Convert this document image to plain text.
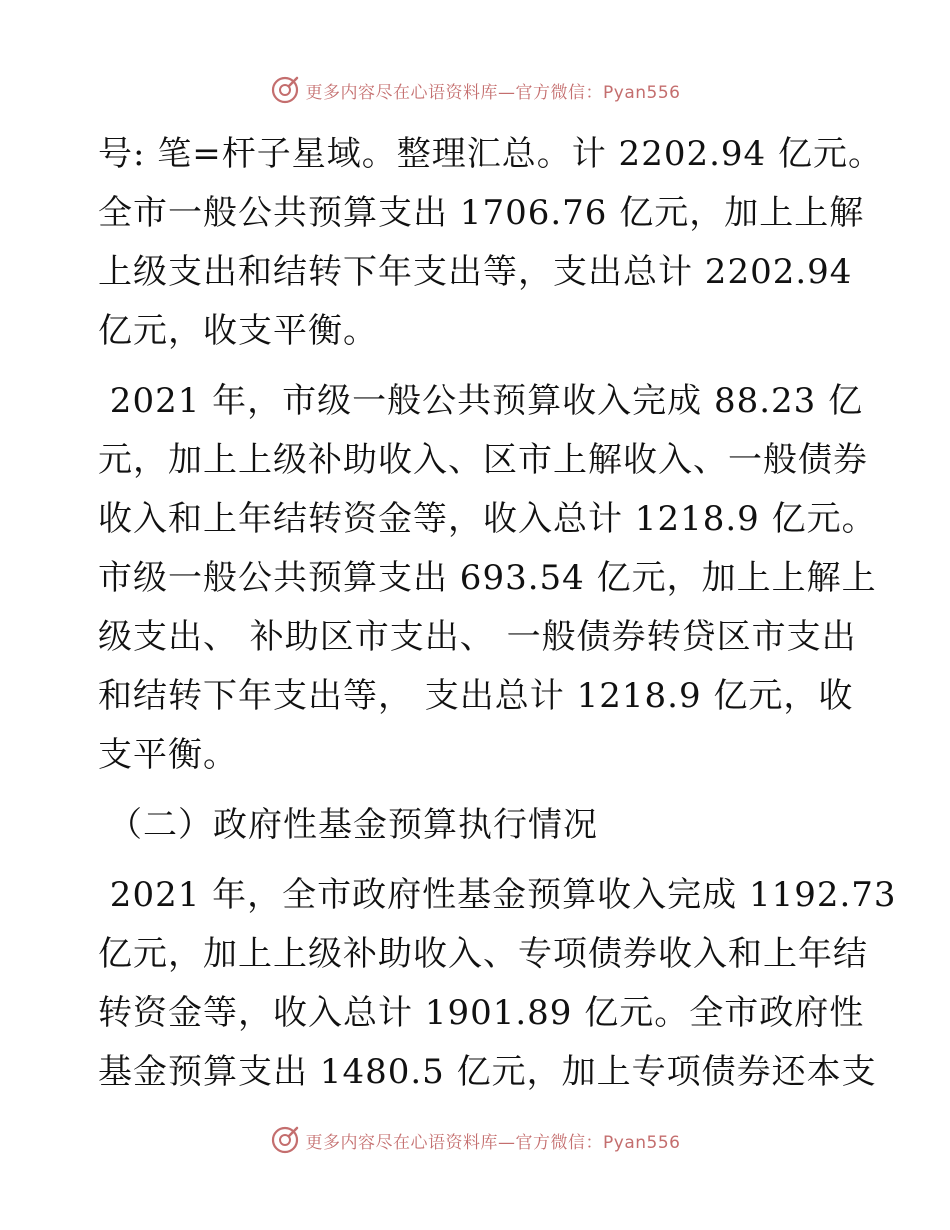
更多内容尽在心语资料库—官方微信：Pyan556
号: 笔=杆子星域。整理汇总。计 2202.94 亿元。
全市一般公共预算支出 1706.76 亿元，加上上解
上级支出和结转下年支出等，支出总计 2202.94
亿元，收支平衡。
2021 年，市级一般公共预算收入完成 88.23 亿
元，加上上级补助收入、区市上解收入、一般债券
收入和上年结转资金等，收入总计 1218.9 亿元。
市级一般公共预算支出 693.54 亿元，加上上解上
级支出、 补助区市支出、 一般债券转贷区市支出
和结转下年支出等， 支出总计 1218.9 亿元，收
支平衡。
（二）政府性基金预算执行情况
2021 年，全市政府性基金预算收入完成 1192.73
亿元，加上上级补助收入、专项债券收入和上年结
转资金等，收入总计 1901.89 亿元。全市政府性
基金预算支出 1480.5 亿元，加上专项债券还本支
更多内容尽在心语资料库—官方微信：Pyan556
